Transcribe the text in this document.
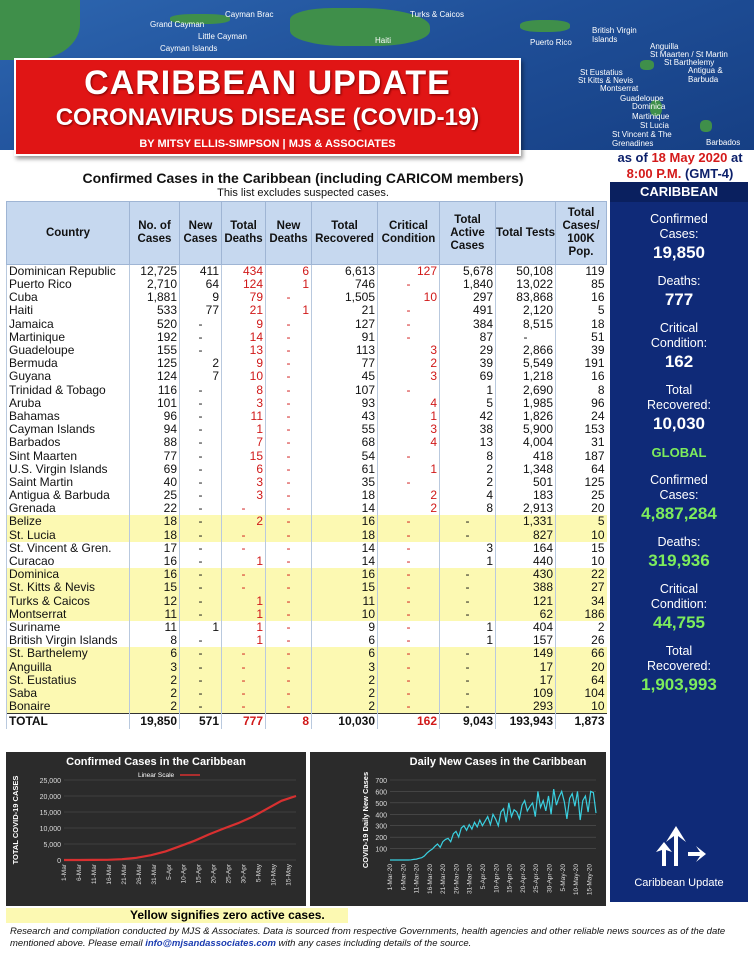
Grand Cayman
Cayman Brac
Little Cayman
Cayman Islands
Haiti
Turks & Caicos
Puerto Rico
British Virgin Islands
Anguilla
St Maarten / St Martin
St Barthelemy
Antigua & Barbuda
St Eustatius
St Kitts & Nevis
Montserrat
Guadeloupe
Dominica
Martinique
St Lucia
St Vincent & The Grenadines	Barbados
CARIBBEAN UPDATE
CORONAVIRUS DISEASE (COVID-19)
BY MITSY ELLIS-SIMPSON | MJS & ASSOCIATES
as of 18 May 2020 at
8:00 P.M. (GMT-4)
Confirmed Cases in the Caribbean (including CARICOM members)
This list excludes suspected cases.
Country	No. of Cases	New Cases	Total Deaths	New Deaths	Total Recovered	Critical Condition	Total Active Cases	Total Tests	Total Cases/ 100K Pop.
Dominican Republic	12,725	411	434	6	6,613	127	5,678	50,108	119
Puerto Rico	2,710	64	124	1	746	-	1,840	13,022	85
Cuba	1,881	9	79	-	1,505	10	297	83,868	16
Haiti	533	77	21	1	21	-	491	2,120	5
Jamaica	520	-	9	-	127	-	384	8,515	18
Martinique	192	-	14	-	91	-	87	-	51
Guadeloupe	155	-	13	-	113	3	29	2,866	39
Bermuda	125	2	9	-	77	2	39	5,549	191
Guyana	124	7	10	-	45	3	69	1,218	16
Trinidad & Tobago	116	-	8	-	107	-	1	2,690	8
Aruba	101	-	3	-	93	4	5	1,985	96
Bahamas	96	-	11	-	43	1	42	1,826	24
Cayman Islands	94	-	1	-	55	3	38	5,900	153
Barbados	88	-	7	-	68	4	13	4,004	31
Sint Maarten	77	-	15	-	54	-	8	418	187
U.S. Virgin Islands	69	-	6	-	61	1	2	1,348	64
Saint Martin	40	-	3	-	35	-	2	501	125
Antigua & Barbuda	25	-	3	-	18	2	4	183	25
Grenada	22	-	-	-	14	2	8	2,913	20
Belize	18	-	2	-	16	-	-	1,331	5
St. Lucia	18	-	-	-	18	-	-	827	10
St. Vincent & Gren.	17	-	-	-	14	-	3	164	15
Curacao	16	-	1	-	14	-	1	440	10
Dominica	16	-	-	-	16	-	-	430	22
St. Kitts & Nevis	15	-	-	-	15	-	-	388	27
Turks & Caicos	12	-	1	-	11	-	-	121	34
Montserrat	11	-	1	-	10	-	-	62	186
Suriname	11	1	1	-	9	-	1	404	2
British Virgin Islands	8	-	1	-	6	-	1	157	26
St. Barthelemy	6	-	-	-	6	-	-	149	66
Anguilla	3	-	-	-	3	-	-	17	20
St. Eustatius	2	-	-	-	2	-	-	17	64
Saba	2	-	-	-	2	-	-	109	104
Bonaire	2	-	-	-	2	-	-	293	10
TOTAL	19,850	571	777	8	10,030	162	9,043	193,943	1,873
CARIBBEAN
Confirmed
Cases:
19,850
Deaths:
777
Critical
Condition:
162
Total
Recovered:
10,030
GLOBAL
Confirmed
Cases:
4,887,284
Deaths:
319,936
Critical
Condition:
44,755
Total
Recovered:
1,903,993
Caribbean Update
Confirmed Cases in the Caribbean
TOTAL COVID-19 CASES	25,000
20,000
15,000
10,000
5,000
0
1-Mar 6-Mar 11-Mar 16-Mar 21-Mar 26-Mar 31-Mar 5-Apr 10-Apr 15-Apr 20-Apr 25-Apr 30-Apr 5-May 10-May 15-May
Linear Scale
Daily New Cases in the Caribbean
COVID-19 Daily New Cases 700
600
500
400
300
200
100
1-Mar-20 6-Mar-20 11-Mar-20 16-Mar-20 21-Mar-20 26-Mar-20 31-Mar-20 5-Apr-20 10-Apr-20 15-Apr-20 20-Apr-20 25-Apr-20 30-Apr-20 5-May-20 10-May-20 15-May-20
Yellow signifies zero active cases.
Research and compilation conducted by MJS & Associates. Data is sourced from respective Governments, health agencies and other reliable news sources as of the date mentioned above. Please email info@mjsandassociates.com with any cases including details of the source.
